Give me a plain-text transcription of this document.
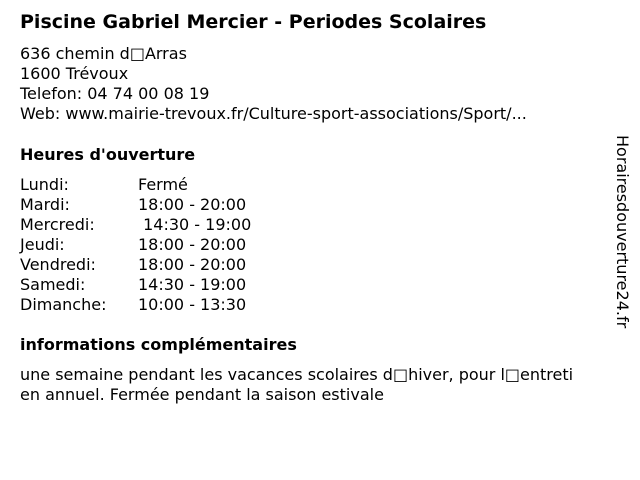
Piscine Gabriel Mercier - Periodes Scolaires
636 chemin d□Arras
1600 Trévoux
Telefon: 04 74 00 08 19
Web: www.mairie-trevoux.fr/Culture-sport-associations/Sport/...
Heures d'ouverture
Lundi:	Fermé
Mardi:	18:00 - 20:00
Mercredi:	14:30 - 19:00
Jeudi:	18:00 - 20:00
Vendredi:	18:00 - 20:00
Samedi:	14:30 - 19:00
Dimanche: 10:00 - 13:30
informations complémentaires
une semaine pendant les vacances scolaires d□hiver, pour l□entreti
en annuel. Fermée pendant la saison estivale
Horairesdouverture24.fr
